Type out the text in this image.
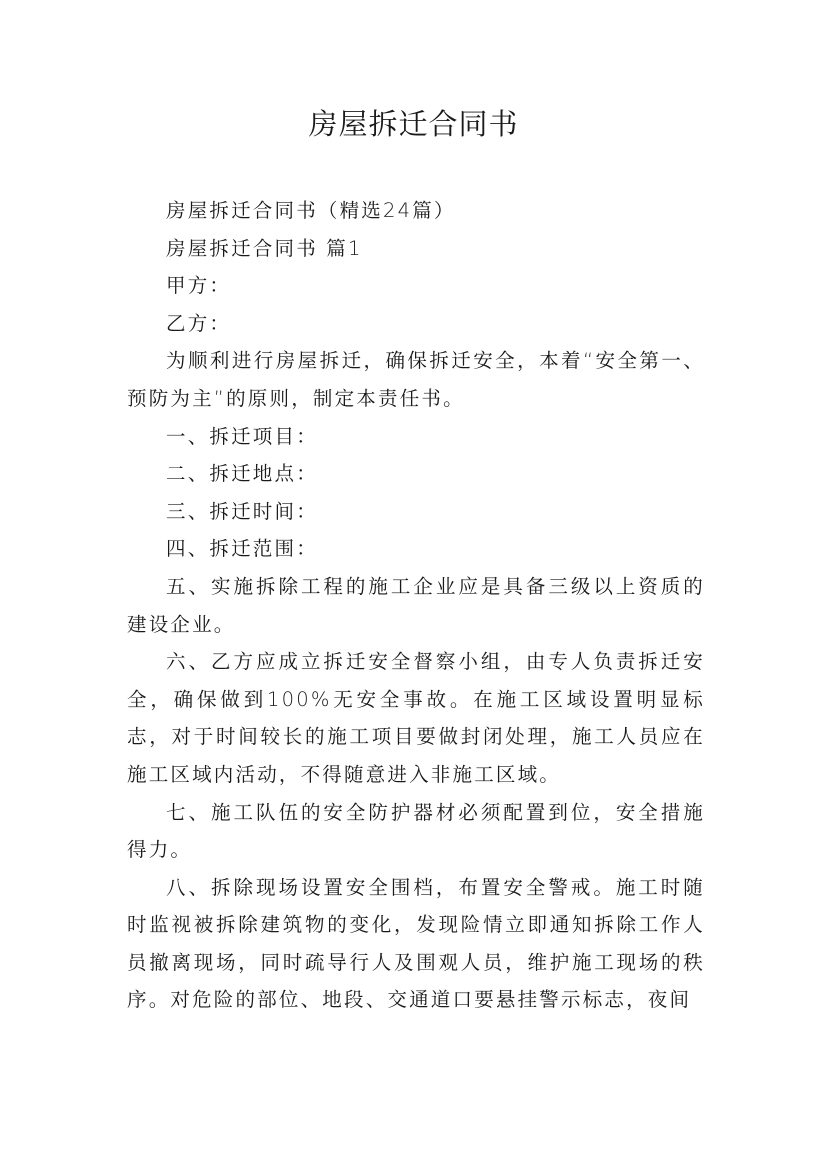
房屋拆迁合同书

房屋拆迁合同书（精选24篇）

房屋拆迁合同书 篇1

甲方：

乙方：

为顺利进行房屋拆迁，确保拆迁安全，本着“安全第一、预防为主”的原则，制定本责任书。

一、拆迁项目：

二、拆迁地点：

三、拆迁时间：

四、拆迁范围：

五、实施拆除工程的施工企业应是具备三级以上资质的建设企业。

六、乙方应成立拆迁安全督察小组，由专人负责拆迁安全，确保做到100%无安全事故。在施工区域设置明显标志，对于时间较长的施工项目要做封闭处理，施工人员应在施工区域内活动，不得随意进入非施工区域。

七、施工队伍的安全防护器材必须配置到位，安全措施得力。

八、拆除现场设置安全围档，布置安全警戒。施工时随时监视被拆除建筑物的变化，发现险情立即通知拆除工作人员撤离现场，同时疏导行人及围观人员，维护施工现场的秩序。对危险的部位、地段、交通道口要悬挂警示标志，夜间
